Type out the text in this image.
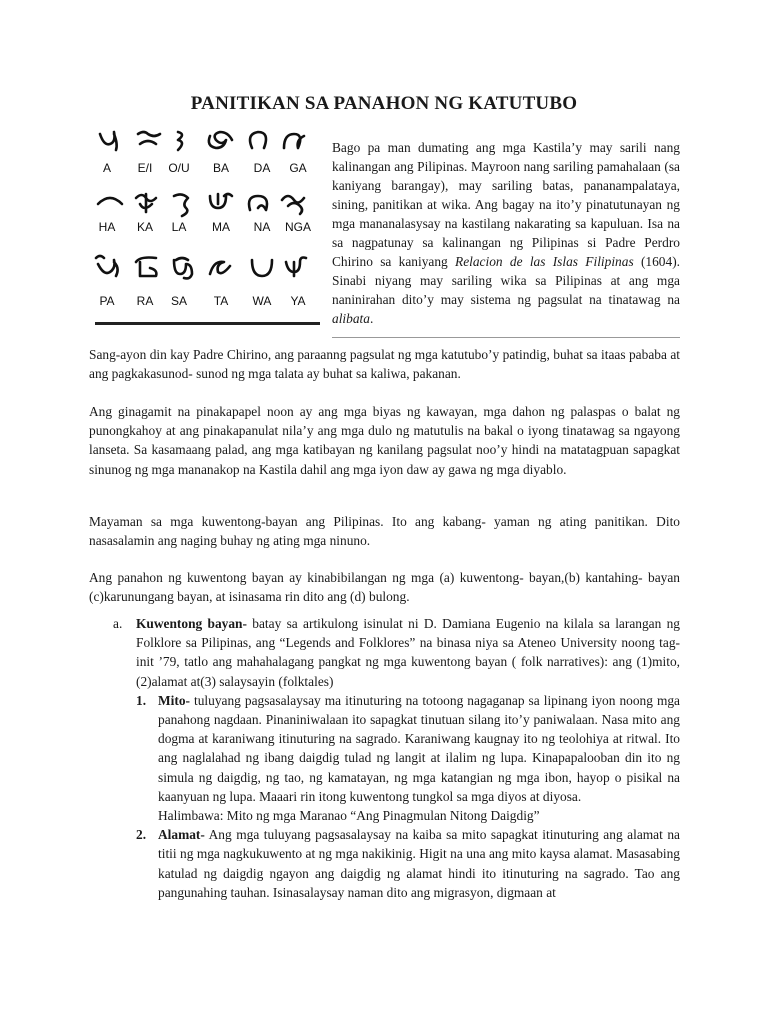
PANITIKAN SA PANAHON NG KATUTUBO
A	E/I	O/U	BA	DA	GA
HA	KA	LA	MA	NA	NGA
PA	RA	SA	TA	WA	YA
Bago pa man dumating ang mga Kastila’y may sarili nang kalinangan ang Pilipinas. Mayroon nang sariling pamahalaan (sa kaniyang barangay), may sariling batas, pananampalataya, sining, panitikan at wika. Ang bagay na ito’y pinatutunayan ng mga mananalasysay na kastilang nakarating sa kapuluan. Isa na sa nagpatunay sa kalinangan ng Pilipinas si Padre Perdro Chirino sa kaniyang Relacion de las Islas Filipinas (1604). Sinabi niyang may sariling wika sa Pilipinas at ang mga naninirahan dito’y may sistema ng pagsulat na tinatawag na alibata.
Sang-ayon din kay Padre Chirino, ang paraanng pagsulat ng mga katutubo’y patindig, buhat sa itaas pababa at ang pagkakasunod- sunod ng mga talata ay buhat sa kaliwa, pakanan.
Ang ginagamit na pinakapapel noon ay ang mga biyas ng kawayan, mga dahon ng palaspas o balat ng punongkahoy at ang pinakapanulat nila’y ang mga dulo ng matutulis na bakal o iyong tinatawag sa ngayong lanseta. Sa kasamaang palad, ang mga katibayan ng kanilang pagsulat noo’y hindi na matatagpuan sapagkat sinunog ng mga mananakop na Kastila dahil ang mga iyon daw ay gawa ng mga diyablo.
Mayaman sa mga kuwentong-bayan ang Pilipinas. Ito ang kabang- yaman ng ating panitikan. Dito nasasalamin ang naging buhay ng ating mga ninuno.
Ang panahon ng kuwentong bayan ay kinabibilangan ng mga (a) kuwentong- bayan,(b) kantahing- bayan (c)karunungang bayan, at isinasama rin dito ang (d) bulong.
a. Kuwentong bayan- batay sa artikulong isinulat ni D. Damiana Eugenio na kilala sa larangan ng Folklore sa Pilipinas, ang “Legends and Folklores” na binasa niya sa Ateneo University noong tag-init ’79, tatlo ang mahahalagang pangkat ng mga kuwentong bayan ( folk narratives): ang (1)mito, (2)alamat at(3) salaysayin (folktales)
1. Mito- tuluyang pagsasalaysay ma itinuturing na totoong nagaganap sa lipinang iyon noong mga panahong nagdaan. Pinaniniwalaan ito sapagkat tinutuan silang ito’y paniwalaan. Nasa mito ang dogma at karaniwang itinuturing na sagrado. Karaniwang kaugnay ito ng teolohiya at ritwal. Ito ang naglalahad ng ibang daigdig tulad ng langit at ilalim ng lupa. Kinapapalooban din ito ng simula ng daigdig, ng tao, ng kamatayan, ng mga katangian ng mga ibon, hayop o pisikal na kaanyuan ng lupa. Maaari rin itong kuwentong tungkol sa mga diyos at diyosa.
Halimbawa: Mito ng mga Maranao “Ang Pinagmulan Nitong Daigdig”
2. Alamat- Ang mga tuluyang pagsasalaysay na kaiba sa mito sapagkat itinuturing ang alamat na titii ng mga nagkukuwento at ng mga nakikinig. Higit na una ang mito kaysa alamat. Masasabing katulad ng daigdig ngayon ang daigdig ng alamat hindi ito itinuturing na sagrado. Tao ang pangunahing tauhan. Isinasalaysay naman dito ang migrasyon, digmaan at
